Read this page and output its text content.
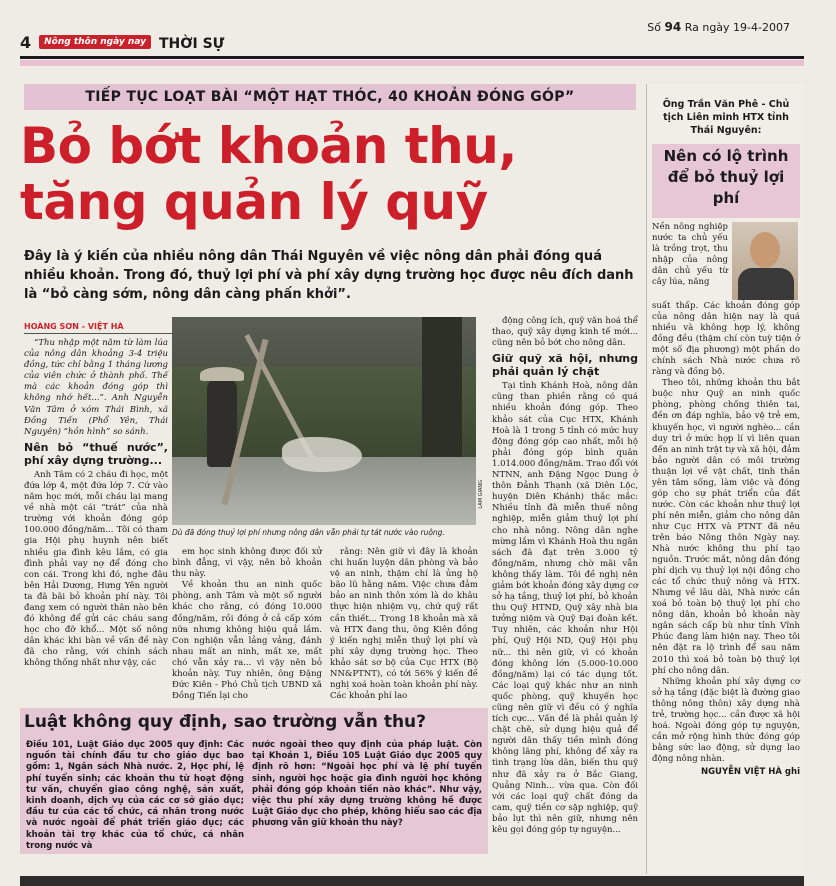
4	Nông thôn ngày nay THỜI SỰ
Số 94 Ra ngày 19-4-2007
TIẾP TỤC LOẠT BÀI “MỘT HẠT THÓC, 40 KHOẢN ĐÓNG GÓP”
Bỏ bớt khoản thu,
tăng quản lý quỹ
Đây là ý kiến của nhiều nông dân Thái Nguyên về việc nông dân phải đóng quá nhiều khoản. Trong đó, thuỷ lợi phí và phí xây dựng trường học được nêu đích danh là “bỏ càng sớm, nông dân càng phấn khởi”.
HOÀNG SƠN - VIỆT HÀ

“Thu nhập một năm từ làm lúa của nông dân khoảng 3-4 triệu đồng, tức chỉ bằng 1 tháng lương của viên chức ở thành phố. Thế mà các khoản đóng góp thì không nhớ hết...”. Anh Nguyễn Văn Tâm ở xóm Thái Bình, xã Đồng Tiến (Phổ Yên, Thái Nguyên) “hồn hình” so sánh.

Nên bỏ “thuế nước”, phí xây dựng trường...

Anh Tâm có 2 cháu đi học, một đứa lớp 4, một đứa lớp 7. Cứ vào năm học mới, mỗi cháu lại mang về nhà một cái “trát” của nhà trường với khoản đóng góp 100.000 đồng/năm... Tôi có tham gia Hội phụ huynh nên biết nhiều gia đình kêu lắm, có gia đình phải vay nợ để đóng cho con cái. Trong khi đó, nghe đâu bên Hải Dương, Hưng Yên người ta đã bãi bỏ khoản phí này. Tôi đang xem có người thân nào bên đó không để gửi các cháu sang học cho đỡ khổ... Một số nông dân khác khi bàn về vấn đề này đã cho rằng, với chính sách không thống nhất như vậy, các

LAM GIANG
Dù đã đóng thuỷ lợi phí nhưng nông dân vẫn phải tự tát nước vào ruộng.

em học sinh không được đối xử bình đẳng, vì vậy, nên bỏ khoản thu này.

Về khoản thu an ninh quốc phòng, anh Tâm và một số người khác cho rằng, có đóng 10.000 đồng/năm, rồi đóng ở cả cấp xóm nữa nhưng không hiệu quả lắm. Con nghiện vẫn lảng vảng, đánh nhau mất an ninh, mất xe, mất chó vẫn xảy ra... vì vậy nên bỏ khoản này. Tuy nhiên, ông Đặng Đức Kiên - Phó Chủ tịch UBND xã Đồng Tiến lại cho

rằng: Nên giữ vì đây là khoản chi huấn luyện dân phòng và bảo vệ an ninh, thậm chí là ủng hộ bão lũ hằng năm. Việc chưa đảm bảo an ninh thôn xóm là do khâu thực hiện nhiệm vụ, chứ quỹ rất cần thiết... Trong 18 khoản mà xã và HTX đang thu, ông Kiên đồng ý kiến nghị miễn thuỷ lợi phí và phí xây dựng trường học. Theo khảo sát sơ bộ của Cục HTX (Bộ NN&PTNT), có tới 56% ý kiến đề nghị xoá hoàn toàn khoản phí này. Các khoản phí lao

động công ích, quỹ văn hoá thể thao, quỹ xây dựng kinh tế mới... cũng nên bỏ bớt cho nông dân.

Giữ quỹ xã hội, nhưng phải quản lý chặt

Tại tỉnh Khánh Hoà, nông dân cũng than phiền rằng có quá nhiều khoản đóng góp. Theo khảo sát của Cục HTX, Khánh Hoà là 1 trong 5 tỉnh có mức huy động đóng góp cao nhất, mỗi hộ phải đóng góp bình quân 1.014.000 đồng/năm. Trao đổi với NTNN, anh Đặng Ngọc Dung ở thôn Đảnh Thạnh (xã Diên Lộc, huyện Diên Khánh) thắc mắc: Nhiều tỉnh đã miễn thuế nông nghiệp, miễn giảm thuỷ lợi phí cho nhà nông. Nông dân nghe mừng lắm vì Khánh Hoà thu ngân sách đã đạt trên 3.000 tỷ đồng/năm, nhưng chờ mãi vẫn không thấy làm. Tôi đề nghị nên giảm bớt khoản đóng xây dựng cơ sở hạ tầng, thuỷ lợi phí, bỏ khoản thu Quỹ HTND, Quỹ xây nhà bia tưởng niệm và Quỹ Đại đoàn kết. Tuy nhiên, các khoản như Hội phí, Quỹ Hội ND, Quỹ Hội phụ nữ... thì nên giữ, vì có khoản đóng không lớn (5.000-10.000 đồng/năm) lại có tác dụng tốt. Các loại quỹ khác như an ninh quốc phòng, quỹ khuyến học cũng nên giữ vì đều có ý nghĩa tích cực... Vấn đề là phải quản lý chặt chẽ, sử dụng hiệu quả để người dân thấy tiền mình đóng không lãng phí, không để xảy ra tình trạng lừa dân, biến thu quỹ như đã xảy ra ở Bắc Giang, Quảng Ninh... vừa qua. Còn đối với các loại quỹ chất đóng da cam, quỹ tiền cơ sập nghiệp, quỹ bảo lụt thì nên giữ, nhưng nên kêu gọi đóng góp tự nguyện...

Luật không quy định, sao trường vẫn thu?
Điều 101, Luật Giáo dục 2005 quy định: Các nguồn tài chính đầu tư cho giáo dục bao gồm: 1, Ngân sách Nhà nước. 2, Học phí, lệ phí tuyển sinh; các khoản thu từ hoạt động tư vấn, chuyển giao công nghệ, sản xuất, kinh doanh, dịch vụ của các cơ sở giáo dục; đầu tư của các tổ chức, cá nhân trong nước và nước ngoài để phát triển giáo dục; các khoản tài trợ khác của tổ chức, cá nhân trong nước và
nước ngoài theo quy định của pháp luật. Còn tại Khoản 1, Điều 105 Luật Giáo dục 2005 quy định rõ hơn: “Ngoài học phí và lệ phí tuyển sinh, người học hoặc gia đình người học không phải đóng góp khoản tiền nào khác”. Như vậy, việc thu phí xây dựng trường không hề được Luật Giáo dục cho phép, không hiểu sao các địa phương vẫn giữ khoản thu này?
Ông Trần Văn Phê - Chủ tịch Liên minh HTX tỉnh Thái Nguyên:
Nên có lộ trình để bỏ thuỷ lợi phí
Nền nông nghiệp nước ta chủ yếu là trồng trọt, thu nhập của nông dân chủ yếu từ cây lúa, năng

suất thấp. Các khoản đóng góp của nông dân hiện nay là quá nhiều và không hợp lý, không đồng đều (thậm chí còn tuỳ tiện ở một số địa phương) một phần do chính sách Nhà nước chưa rõ ràng và đồng bộ.

Theo tôi, những khoản thu bắt buộc như Quỹ an ninh quốc phòng, phòng chống thiên tai, đền ơn đáp nghĩa, bảo vệ trẻ em, khuyến học, vì người nghèo... cần duy trì ở mức hợp lí vì liên quan đến an ninh trật tự và xã hội, đảm bảo người dân có môi trường thuận lợi về vật chất, tinh thần yên tâm sống, làm việc và đóng góp cho sự phát triển của đất nước. Còn các khoản như thuỷ lợi phí nên miễn, giảm cho nông dân như Cục HTX và PTNT đã nêu trên báo Nông thôn Ngày nay. Nhà nước không thu phí tạo nguồn. Trước mắt, nông dân đóng phí dịch vụ thuỷ lợi nội đồng cho các tổ chức thuỷ nông và HTX. Nhưng về lâu dài, Nhà nước cần xoá bỏ toàn bộ thuỷ lợi phí cho nông dân, khoản bỏ khoản này ngân sách cấp bù như tỉnh Vĩnh Phúc đang làm hiện nay. Theo tôi nên đặt ra lộ trình để sau năm 2010 thì xoá bỏ toàn bộ thuỷ lợi phí cho nông dân.

Những khoản phí xây dựng cơ sở hạ tầng (đặc biệt là đường giao thông nông thôn) xây dựng nhà trẻ, trường học... cần được xã hội hoá. Ngoài đóng góp tự nguyện, cần mở rộng hình thức đóng góp bằng sức lao động, sử dụng lao động nông nhàn.

NGUYỄN VIỆT HÀ ghi
